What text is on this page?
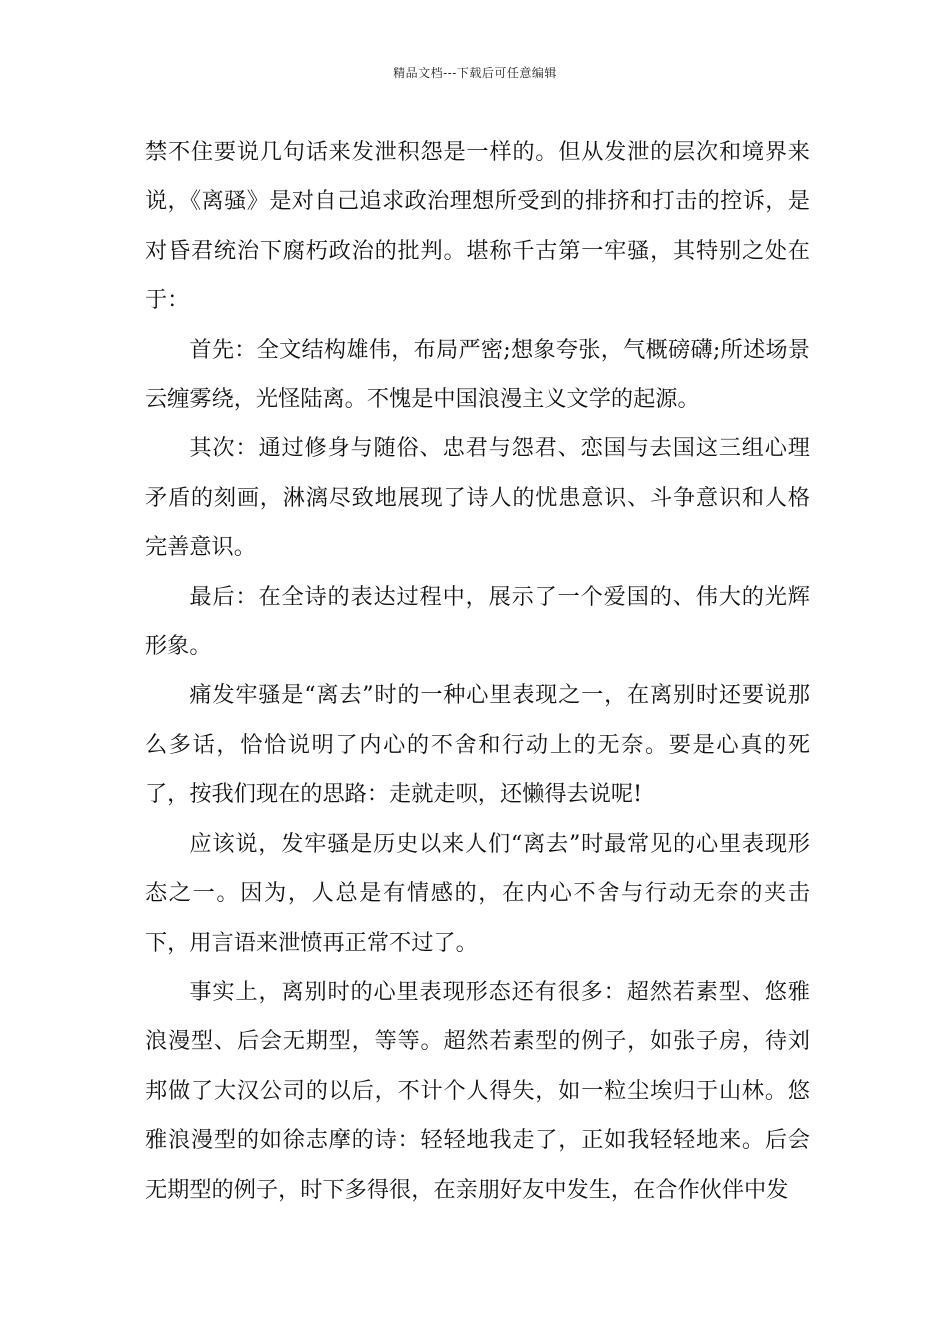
精品文档---下载后可任意编辑

禁不住要说几句话来发泄积怨是一样的。但从发泄的层次和境界来说，《离骚》是对自己追求政治理想所受到的排挤和打击的控诉，是对昏君统治下腐朽政治的批判。堪称千古第一牢骚，其特别之处在于：

首先：全文结构雄伟，布局严密;想象夸张，气概磅礴;所述场景云缠雾绕，光怪陆离。不愧是中国浪漫主义文学的起源。

其次：通过修身与随俗、忠君与怨君、恋国与去国这三组心理矛盾的刻画，淋漓尽致地展现了诗人的忧患意识、斗争意识和人格完善意识。

最后：在全诗的表达过程中，展示了一个爱国的、伟大的光辉形象。

痛发牢骚是“离去”时的一种心里表现之一，在离别时还要说那么多话，恰恰说明了内心的不舍和行动上的无奈。要是心真的死了，按我们现在的思路：走就走呗，还懒得去说呢!

应该说，发牢骚是历史以来人们“离去”时最常见的心里表现形态之一。因为，人总是有情感的，在内心不舍与行动无奈的夹击下，用言语来泄愤再正常不过了。

事实上，离别时的心里表现形态还有很多：超然若素型、悠雅浪漫型、后会无期型，等等。超然若素型的例子，如张子房，待刘邦做了大汉公司的以后，不计个人得失，如一粒尘埃归于山林。悠雅浪漫型的如徐志摩的诗：轻轻地我走了，正如我轻轻地来。后会无期型的例子，时下多得很，在亲朋好友中发生，在合作伙伴中发
